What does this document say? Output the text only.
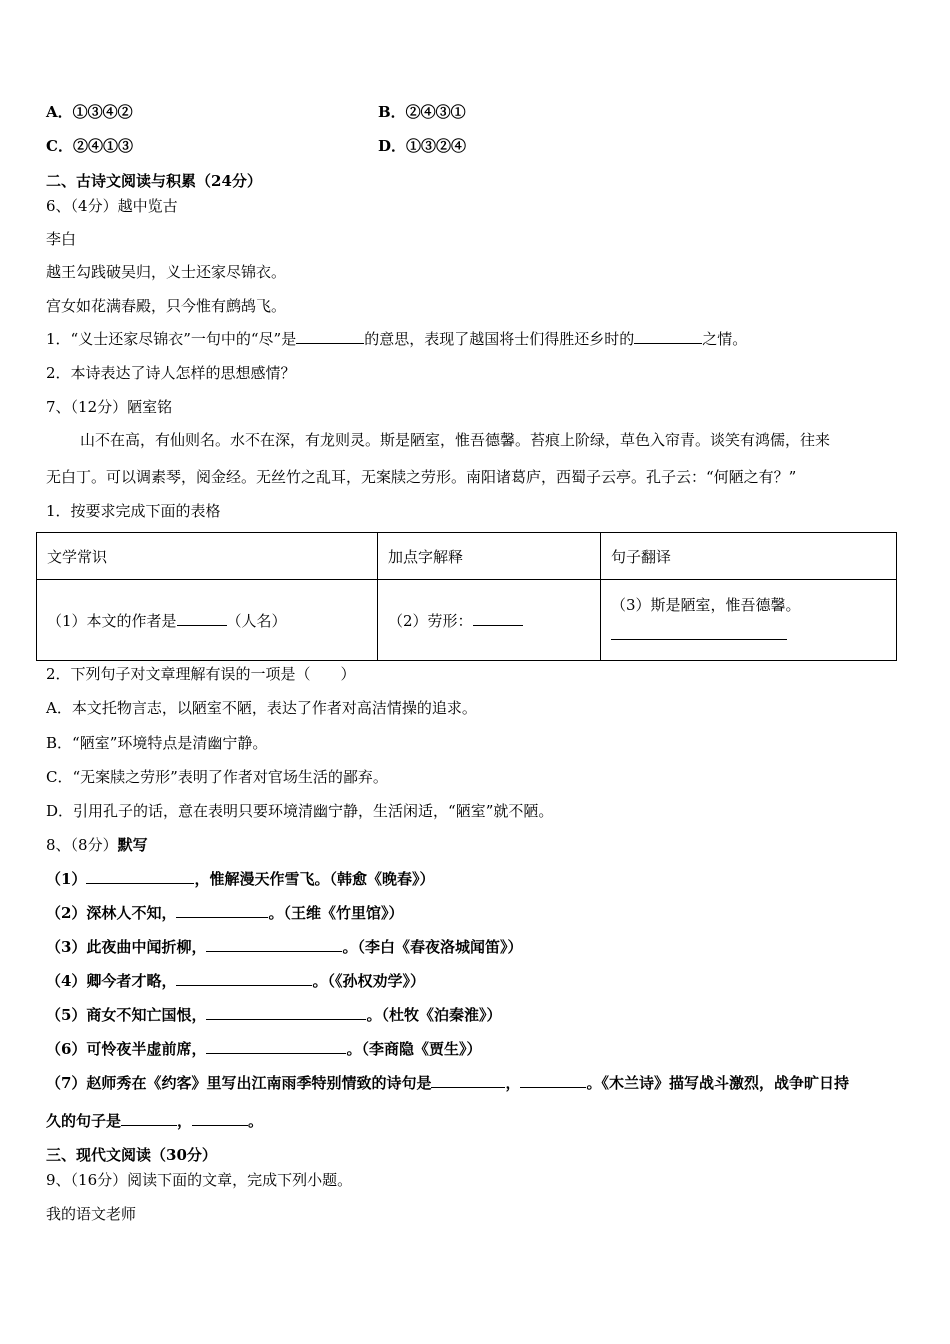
A．①③④②	B．②④③①
C．②④①③	D．①③②④
二、古诗文阅读与积累（24分）
6、（4分）越中览古
李白
越王勾践破吴归，义士还家尽锦衣。
宫女如花满春殿，只今惟有鹧鸪飞。
1．“义士还家尽锦衣”一句中的“尽”是	的意思，表现了越国将士们得胜还乡时的	之情。
2．本诗表达了诗人怎样的思想感情？
7、（12分）陋室铭
山不在高，有仙则名。水不在深，有龙则灵。斯是陋室，惟吾德馨。苔痕上阶绿，草色入帘青。谈笑有鸿儒，往来
无白丁。可以调素琴，阅金经。无丝竹之乱耳，无案牍之劳形。南阳诸葛庐，西蜀子云亭。孔子云：“何陋之有？”
1．按要求完成下面的表格
文学常识	加点字解释	句子翻译
（1）本文的作者是 （人名）	（2）劳形：	（3）斯是陋室，惟吾德馨。
2．下列句子对文章理解有误的一项是（　　）
A．本文托物言志，以陋室不陋，表达了作者对高洁情操的追求。
B．“陋室”环境特点是清幽宁静。
C．“无案牍之劳形”表明了作者对官场生活的鄙弃。
D．引用孔子的话，意在表明只要环境清幽宁静，生活闲适，“陋室”就不陋。
8、（8分）默写
（1）	，惟解漫天作雪飞。（韩愈《晚春》）
（2）深林人不知，	。（王维《竹里馆》）
（3）此夜曲中闻折柳，	。（李白《春夜洛城闻笛》）
（4）卿今者才略，	。（《孙权劝学》）
（5）商女不知亡国恨，	。（杜牧《泊秦淮》）
（6）可怜夜半虚前席，	。（李商隐《贾生》）
（7）赵师秀在《约客》里写出江南雨季特别情致的诗句是	，	。《木兰诗》描写战斗激烈，战争旷日持
久的句子是	，	。
三、现代文阅读（30分）
9、（16分）阅读下面的文章，完成下列小题。
我的语文老师
